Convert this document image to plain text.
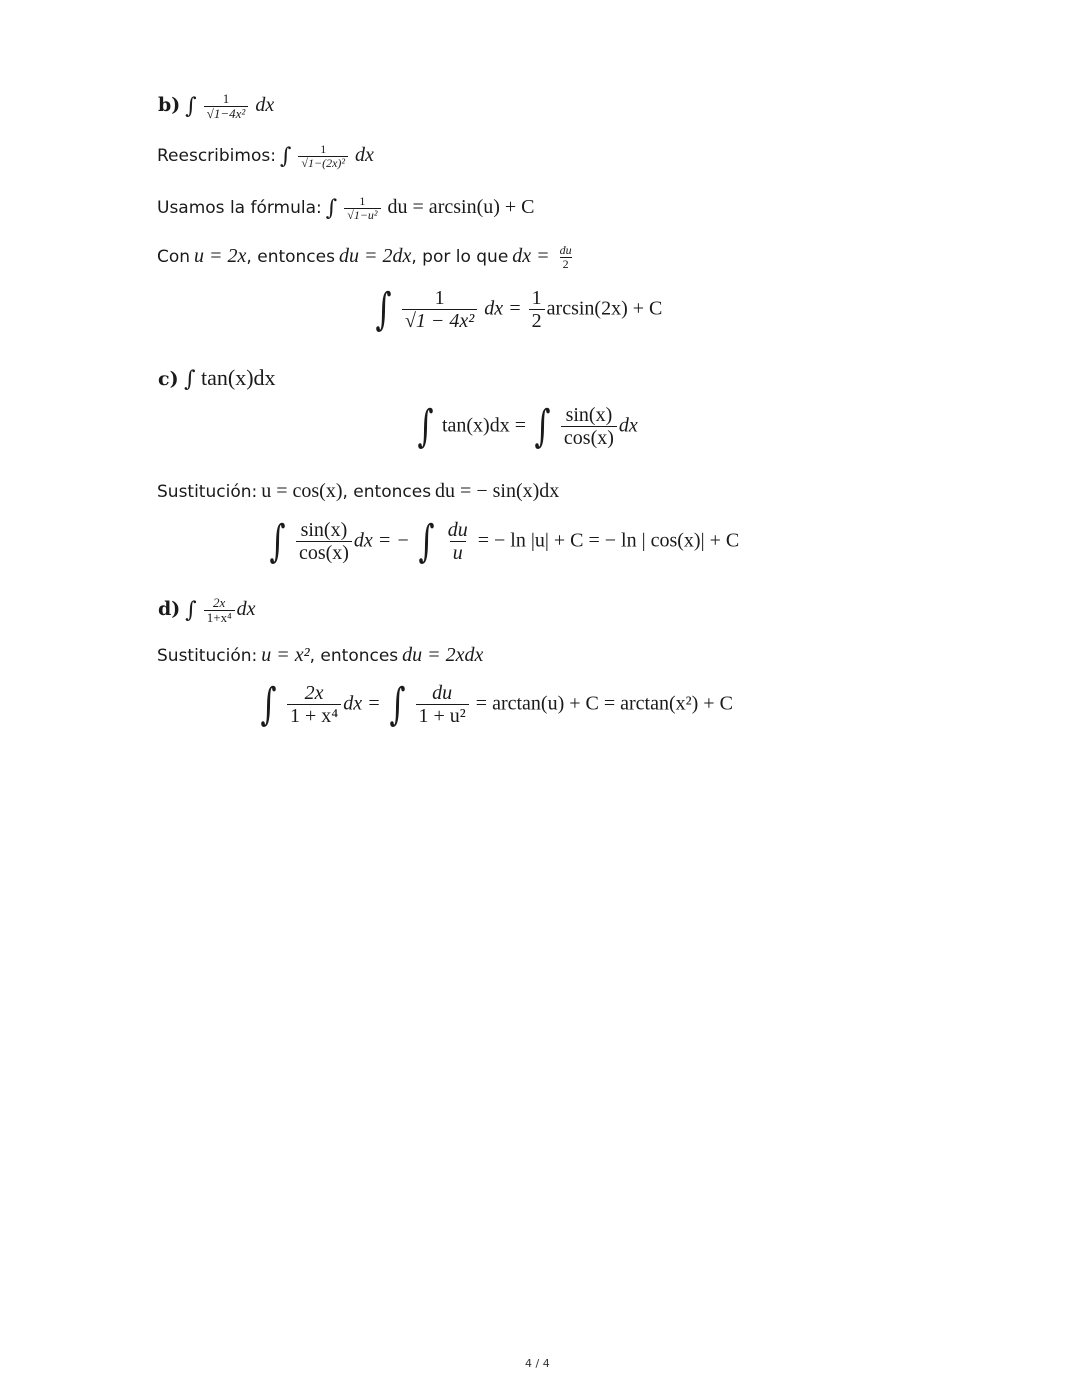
b) ∫ $\frac{1}{\text{√1−4x²}}$ dx
Reescribimos: ∫ $\frac{1}{\text{√1−(2x)²}}$ dx
Usamos la fórmula: ∫ $\frac{1}{\text{√1−u²}}$ du = arcsin(u) + C
Con u = 2x, entonces du = 2dx, por lo que dx = $\frac{du}{2}$
∫ $\frac{1}{\text{√1 − 4x²}}$ dx = $\frac{1}{2} \arcsin(2x) + C$
c) ∫ tan(x)dx
∫ tan(x)dx = ∫ $\frac{\sin(x)}{\cos(x)}$ dx
Sustitución: u = cos(x), entonces du = − sin(x)dx
∫ $\frac{\sin(x)}{\cos(x)}$ dx = − ∫ $\frac{du}{u}$ = − ln |u| + C = − ln | cos(x)| + C
d) ∫ $\frac{2x}{\text{1+x⁴}}$ dx
Sustitución: u = x², entonces du = 2xdx
∫ $\frac{2x}{\text{1 + x⁴}}$ dx = ∫ $\frac{du}{\text{1 + u²}} = \arctan(u) + C = \arctan(x^2) + C$
4 / 4
